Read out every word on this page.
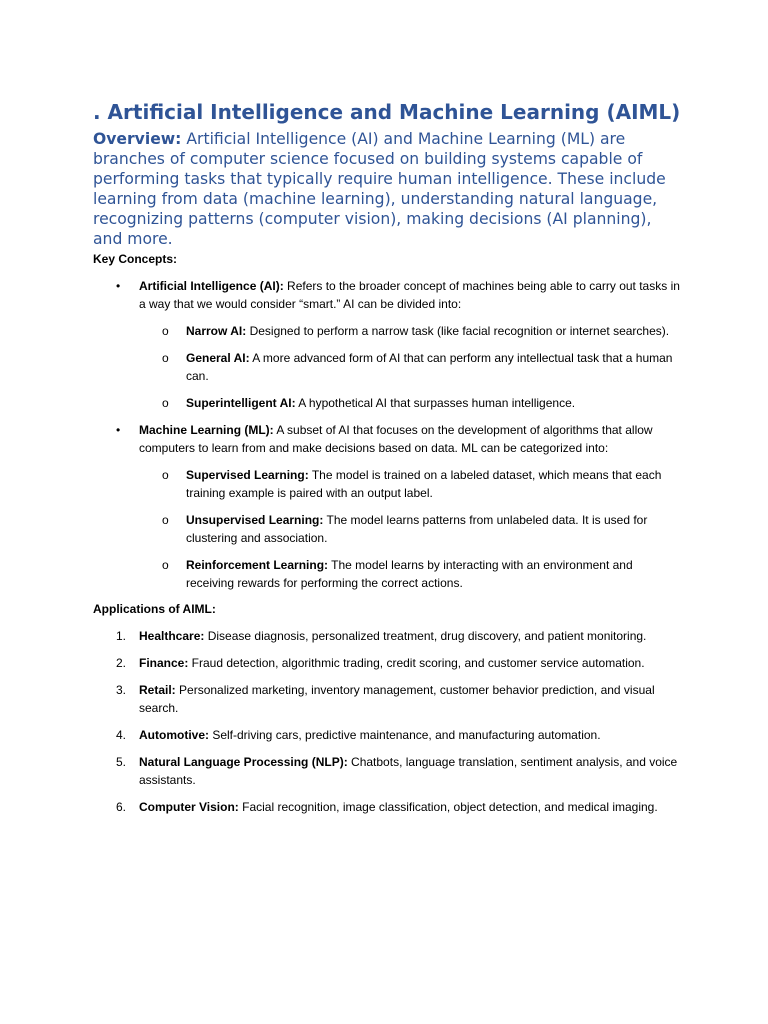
. Artificial Intelligence and Machine Learning (AIML)

Overview: Artificial Intelligence (AI) and Machine Learning (ML) are branches of computer science focused on building systems capable of performing tasks that typically require human intelligence. These include learning from data (machine learning), understanding natural language, recognizing patterns (computer vision), making decisions (AI planning), and more.

Key Concepts:
• Artificial Intelligence (AI): Refers to the broader concept of machines being able to carry out tasks in a way that we would consider “smart.” AI can be divided into:
o Narrow AI: Designed to perform a narrow task (like facial recognition or internet searches).
o General AI: A more advanced form of AI that can perform any intellectual task that a human can.
o Superintelligent AI: A hypothetical AI that surpasses human intelligence.
• Machine Learning (ML): A subset of AI that focuses on the development of algorithms that allow computers to learn from and make decisions based on data. ML can be categorized into:
o Supervised Learning: The model is trained on a labeled dataset, which means that each training example is paired with an output label.
o Unsupervised Learning: The model learns patterns from unlabeled data. It is used for clustering and association.
o Reinforcement Learning: The model learns by interacting with an environment and receiving rewards for performing the correct actions.
Applications of AIML:
1. Healthcare: Disease diagnosis, personalized treatment, drug discovery, and patient monitoring.
2. Finance: Fraud detection, algorithmic trading, credit scoring, and customer service automation.
3. Retail: Personalized marketing, inventory management, customer behavior prediction, and visual search.
4. Automotive: Self-driving cars, predictive maintenance, and manufacturing automation.
5. Natural Language Processing (NLP): Chatbots, language translation, sentiment analysis, and voice assistants.
6. Computer Vision: Facial recognition, image classification, object detection, and medical imaging.
